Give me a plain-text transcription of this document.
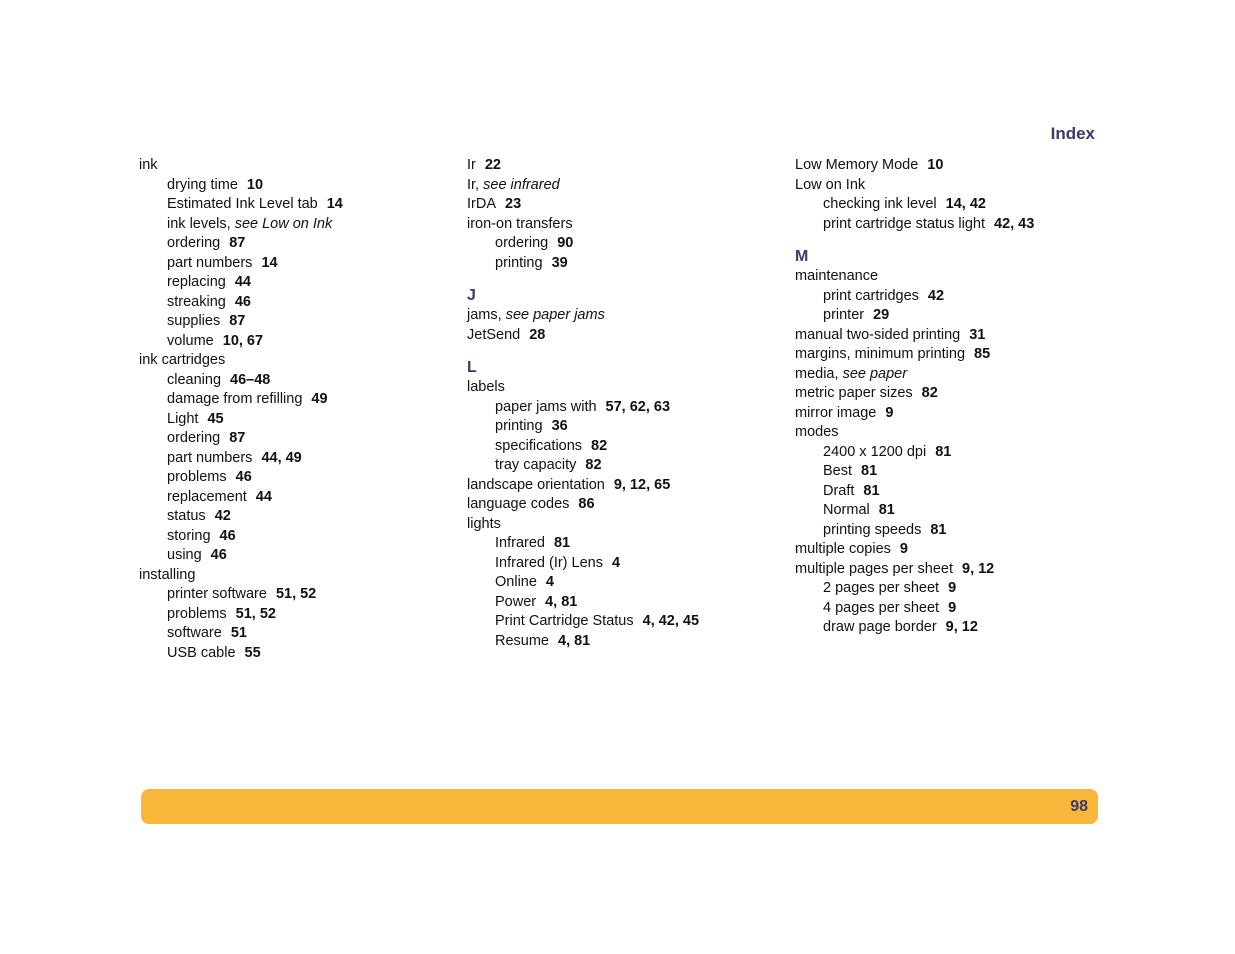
Index
ink
drying time 10
Estimated Ink Level tab 14
ink levels, see Low on Ink
ordering 87
part numbers 14
replacing 44
streaking 46
supplies 87
volume 10, 67
ink cartridges
cleaning 46–48
damage from refilling 49
Light 45
ordering 87
part numbers 44, 49
problems 46
replacement 44
status 42
storing 46
using 46
installing
printer software 51, 52
problems 51, 52
software 51
USB cable 55
Ir 22
Ir, see infrared
IrDA 23
iron-on transfers
ordering 90
printing 39
J
jams, see paper jams
JetSend 28
L
labels
paper jams with 57, 62, 63
printing 36
specifications 82
tray capacity 82
landscape orientation 9, 12, 65
language codes 86
lights
Infrared 81
Infrared (Ir) Lens 4
Online 4
Power 4, 81
Print Cartridge Status 4, 42, 45
Resume 4, 81
Low Memory Mode 10
Low on Ink
checking ink level 14, 42
print cartridge status light 42, 43
M
maintenance
print cartridges 42
printer 29
manual two-sided printing 31
margins, minimum printing 85
media, see paper
metric paper sizes 82
mirror image 9
modes
2400 x 1200 dpi 81
Best 81
Draft 81
Normal 81
printing speeds 81
multiple copies 9
multiple pages per sheet 9, 12
2 pages per sheet 9
4 pages per sheet 9
draw page border 9, 12
98
